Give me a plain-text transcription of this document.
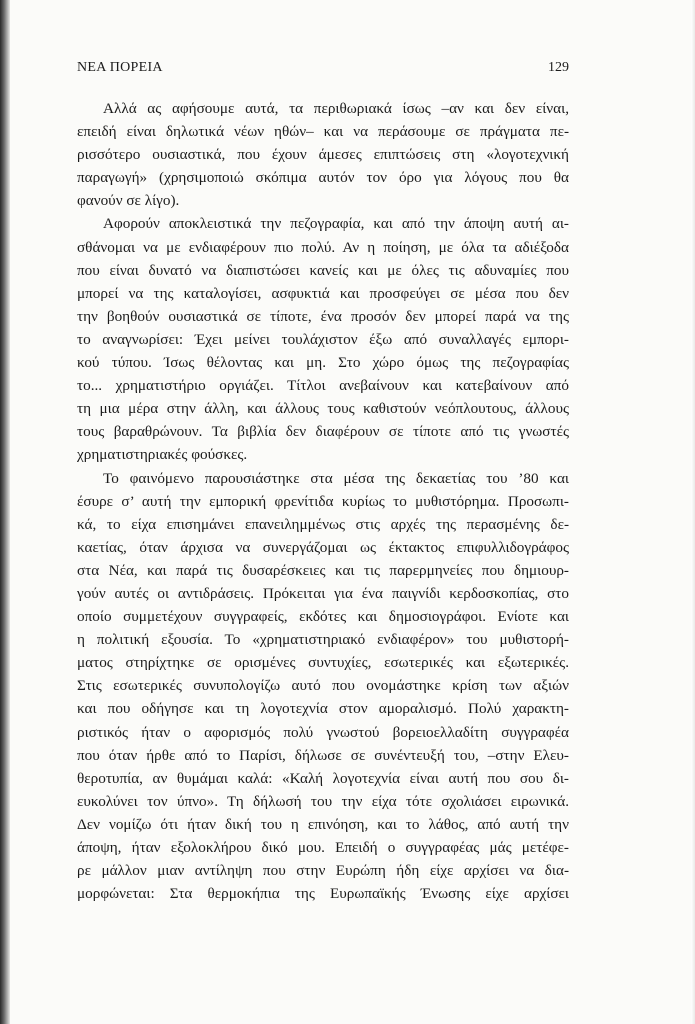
ΝΕΑ ΠΟΡΕΙΑ	129
Αλλά ας αφήσουμε αυτά, τα περιθωριακά ίσως –αν και δεν είναι,
επειδή είναι δηλωτικά νέων ηθών– και να περάσουμε σε πράγματα πε-
ρισσότερο ουσιαστικά, που έχουν άμεσες επιπτώσεις στη «λογοτεχνική
παραγωγή» (χρησιμοποιώ σκόπιμα αυτόν τον όρο για λόγους που θα
φανούν σε λίγο).
Αφορούν αποκλειστικά την πεζογραφία, και από την άποψη αυτή αι-
σθάνομαι να με ενδιαφέρουν πιο πολύ. Αν η ποίηση, με όλα τα αδιέξοδα
που είναι δυνατό να διαπιστώσει κανείς και με όλες τις αδυναμίες που
μπορεί να της καταλογίσει, ασφυκτιά και προσφεύγει σε μέσα που δεν
την βοηθούν ουσιαστικά σε τίποτε, ένα προσόν δεν μπορεί παρά να της
το αναγνωρίσει: Έχει μείνει τουλάχιστον έξω από συναλλαγές εμπορι-
κού τύπου. Ίσως θέλοντας και μη. Στο χώρο όμως της πεζογραφίας
το... χρηματιστήριο οργιάζει. Τίτλοι ανεβαίνουν και κατεβαίνουν από
τη μια μέρα στην άλλη, και άλλους τους καθιστούν νεόπλουτους, άλλους
τους βαραθρώνουν. Τα βιβλία δεν διαφέρουν σε τίποτε από τις γνωστές
χρηματιστηριακές φούσκες.
Το φαινόμενο παρουσιάστηκε στα μέσα της δεκαετίας του ’80 και
έσυρε σ’ αυτή την εμπορική φρενίτιδα κυρίως το μυθιστόρημα. Προσωπι-
κά, το είχα επισημάνει επανειλημμένως στις αρχές της περασμένης δε-
καετίας, όταν άρχισα να συνεργάζομαι ως έκτακτος επιφυλλιδογράφος
στα Νέα, και παρά τις δυσαρέσκειες και τις παρερμηνείες που δημιουρ-
γούν αυτές οι αντιδράσεις. Πρόκειται για ένα παιγνίδι κερδοσκοπίας, στο
οποίο συμμετέχουν συγγραφείς, εκδότες και δημοσιογράφοι. Ενίοτε και
η πολιτική εξουσία. Το «χρηματιστηριακό ενδιαφέρον» του μυθιστορή-
ματος στηρίχτηκε σε ορισμένες συντυχίες, εσωτερικές και εξωτερικές.
Στις εσωτερικές συνυπολογίζω αυτό που ονομάστηκε κρίση των αξιών
και που οδήγησε και τη λογοτεχνία στον αμοραλισμό. Πολύ χαρακτη-
ριστικός ήταν ο αφορισμός πολύ γνωστού βορειοελλαδίτη συγγραφέα
που όταν ήρθε από το Παρίσι, δήλωσε σε συνέντευξή του, –στην Ελευ-
θεροτυπία, αν θυμάμαι καλά: «Καλή λογοτεχνία είναι αυτή που σου δι-
ευκολύνει τον ύπνο». Τη δήλωσή του την είχα τότε σχολιάσει ειρωνικά.
Δεν νομίζω ότι ήταν δική του η επινόηση, και το λάθος, από αυτή την
άποψη, ήταν εξολοκλήρου δικό μου. Επειδή ο συγγραφέας μάς μετέφε-
ρε μάλλον μιαν αντίληψη που στην Ευρώπη ήδη είχε αρχίσει να δια-
μορφώνεται: Στα θερμοκήπια της Ευρωπαϊκής Ένωσης είχε αρχίσει
